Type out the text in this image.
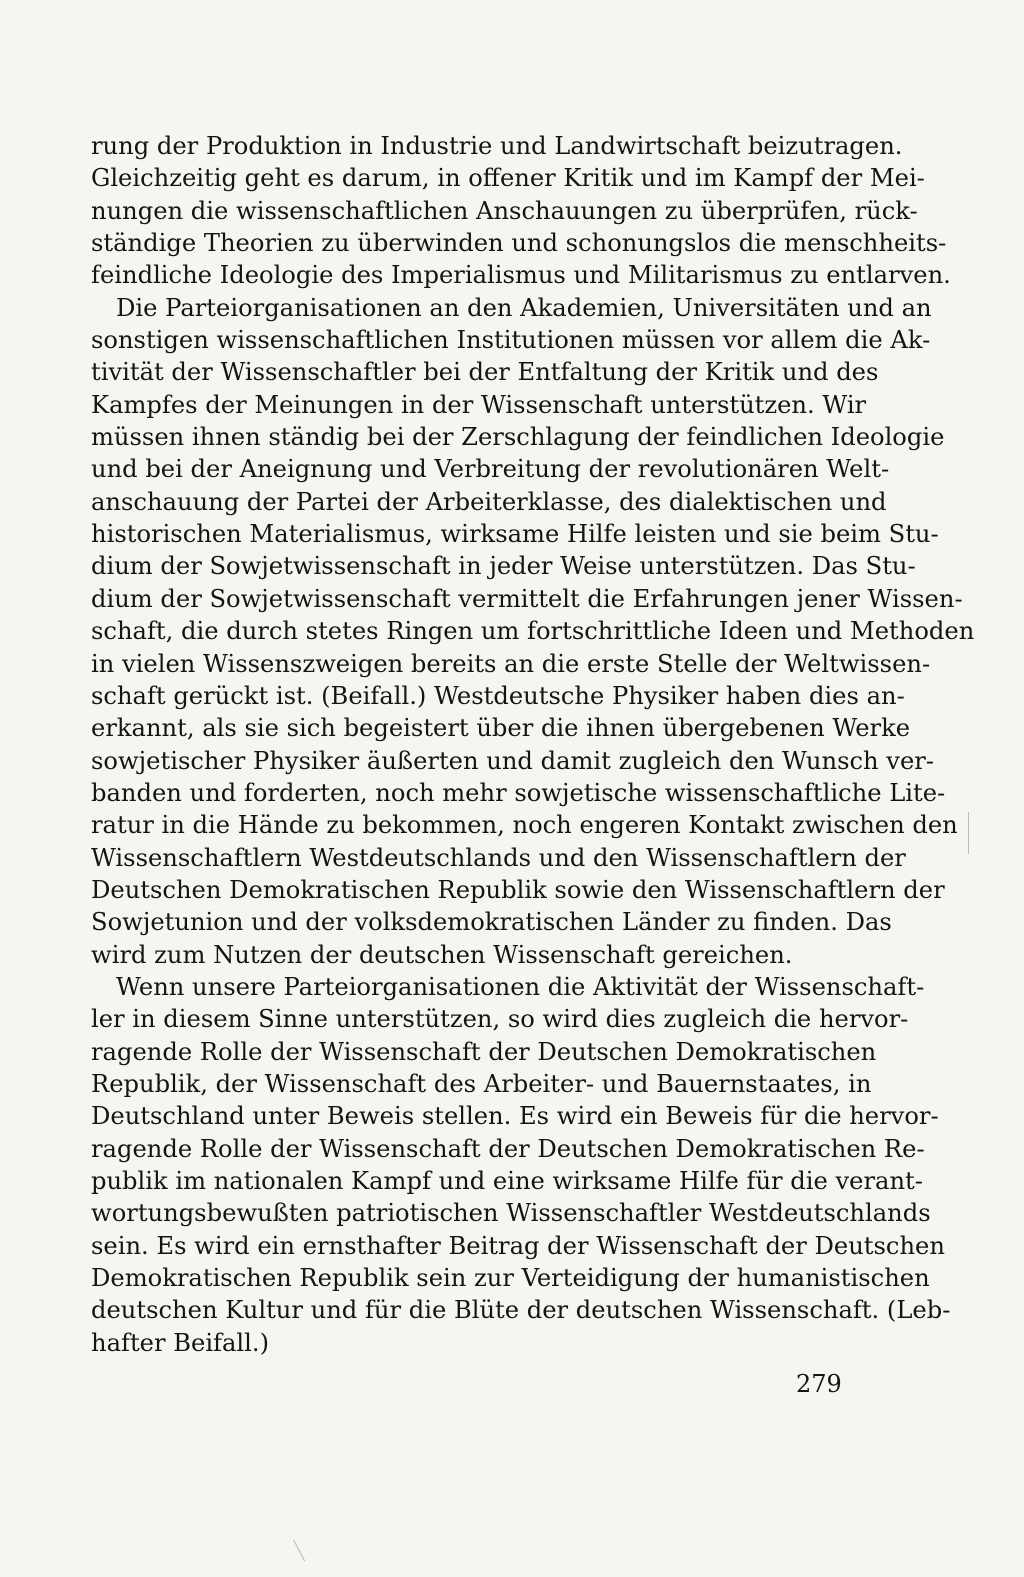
rung der Produktion in Industrie und Landwirtschaft beizutragen.
Gleichzeitig geht es darum, in offener Kritik und im Kampf der Mei-
nungen die wissenschaftlichen Anschauungen zu überprüfen, rück-
ständige Theorien zu überwinden und schonungslos die menschheits-
feindliche Ideologie des Imperialismus und Militarismus zu entlarven.

Die Parteiorganisationen an den Akademien, Universitäten und an
sonstigen wissenschaftlichen Institutionen müssen vor allem die Ak-
tivität der Wissenschaftler bei der Entfaltung der Kritik und des
Kampfes der Meinungen in der Wissenschaft unterstützen. Wir
müssen ihnen ständig bei der Zerschlagung der feindlichen Ideologie
und bei der Aneignung und Verbreitung der revolutionären Welt-
anschauung der Partei der Arbeiterklasse, des dialektischen und
historischen Materialismus, wirksame Hilfe leisten und sie beim Stu-
dium der Sowjetwissenschaft in jeder Weise unterstützen. Das Stu-
dium der Sowjetwissenschaft vermittelt die Erfahrungen jener Wissen-
schaft, die durch stetes Ringen um fortschrittliche Ideen und Methoden
in vielen Wissenszweigen bereits an die erste Stelle der Weltwissen-
schaft gerückt ist. (Beifall.) Westdeutsche Physiker haben dies an-
erkannt, als sie sich begeistert über die ihnen übergebenen Werke
sowjetischer Physiker äußerten und damit zugleich den Wunsch ver-
banden und forderten, noch mehr sowjetische wissenschaftliche Lite-
ratur in die Hände zu bekommen, noch engeren Kontakt zwischen den
Wissenschaftlern Westdeutschlands und den Wissenschaftlern der
Deutschen Demokratischen Republik sowie den Wissenschaftlern der
Sowjetunion und der volksdemokratischen Länder zu finden. Das
wird zum Nutzen der deutschen Wissenschaft gereichen.

Wenn unsere Parteiorganisationen die Aktivität der Wissenschaft-
ler in diesem Sinne unterstützen, so wird dies zugleich die hervor-
ragende Rolle der Wissenschaft der Deutschen Demokratischen
Republik, der Wissenschaft des Arbeiter- und Bauernstaates, in
Deutschland unter Beweis stellen. Es wird ein Beweis für die hervor-
ragende Rolle der Wissenschaft der Deutschen Demokratischen Re-
publik im nationalen Kampf und eine wirksame Hilfe für die verant-
wortungsbewußten patriotischen Wissenschaftler Westdeutschlands
sein. Es wird ein ernsthafter Beitrag der Wissenschaft der Deutschen
Demokratischen Republik sein zur Verteidigung der humanistischen
deutschen Kultur und für die Blüte der deutschen Wissenschaft. (Leb-
hafter Beifall.)

279
